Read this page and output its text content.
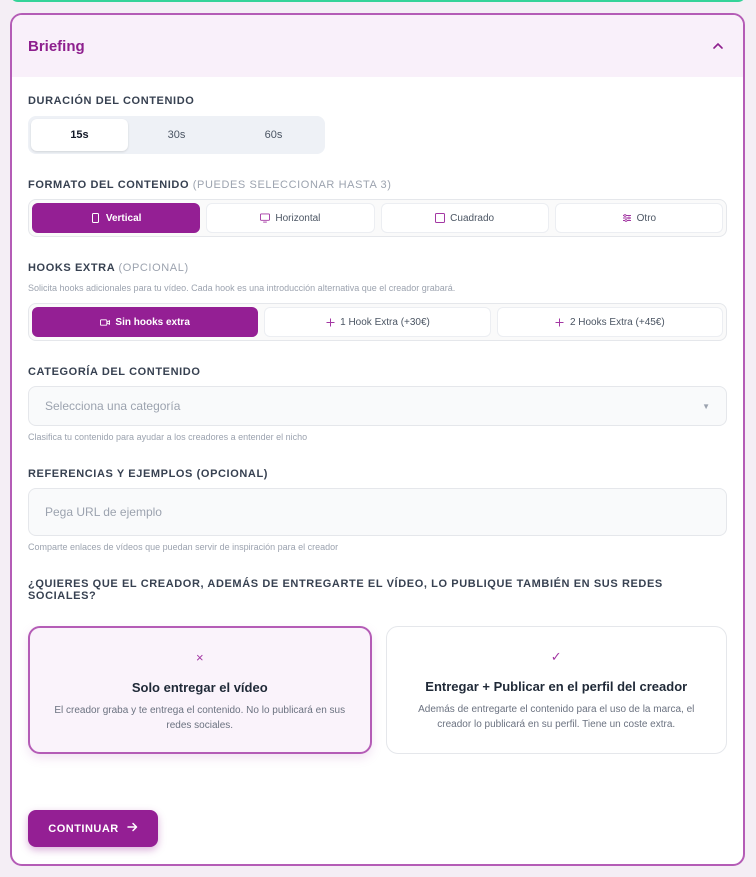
Briefing
DURACIÓN DEL CONTENIDO
15s	30s	60s
FORMATO DEL CONTENIDO (PUEDES SELECCIONAR HASTA 3)
Vertical	Horizontal	Cuadrado	Otro
HOOKS EXTRA (OPCIONAL)
Solicita hooks adicionales para tu vídeo. Cada hook es una introducción alternativa que el creador grabará.
Sin hooks extra	1 Hook Extra (+30€)	2 Hooks Extra (+45€)
CATEGORÍA DEL CONTENIDO
Selecciona una categoría	▼
Clasifica tu contenido para ayudar a los creadores a entender el nicho
REFERENCIAS Y EJEMPLOS (OPCIONAL)
Pega URL de ejemplo
Comparte enlaces de vídeos que puedan servir de inspiración para el creador
¿QUIERES QUE EL CREADOR, ADEMÁS DE ENTREGARTE EL VÍDEO, LO PUBLIQUE TAMBIÉN EN SUS REDES SOCIALES?
×
Solo entregar el vídeo
El creador graba y te entrega el contenido. No lo publicará en sus redes sociales.
✓
Entregar + Publicar en el perfil del creador
Además de entregarte el contenido para el uso de la marca, el creador lo publicará en su perfil. Tiene un coste extra.
CONTINUAR
